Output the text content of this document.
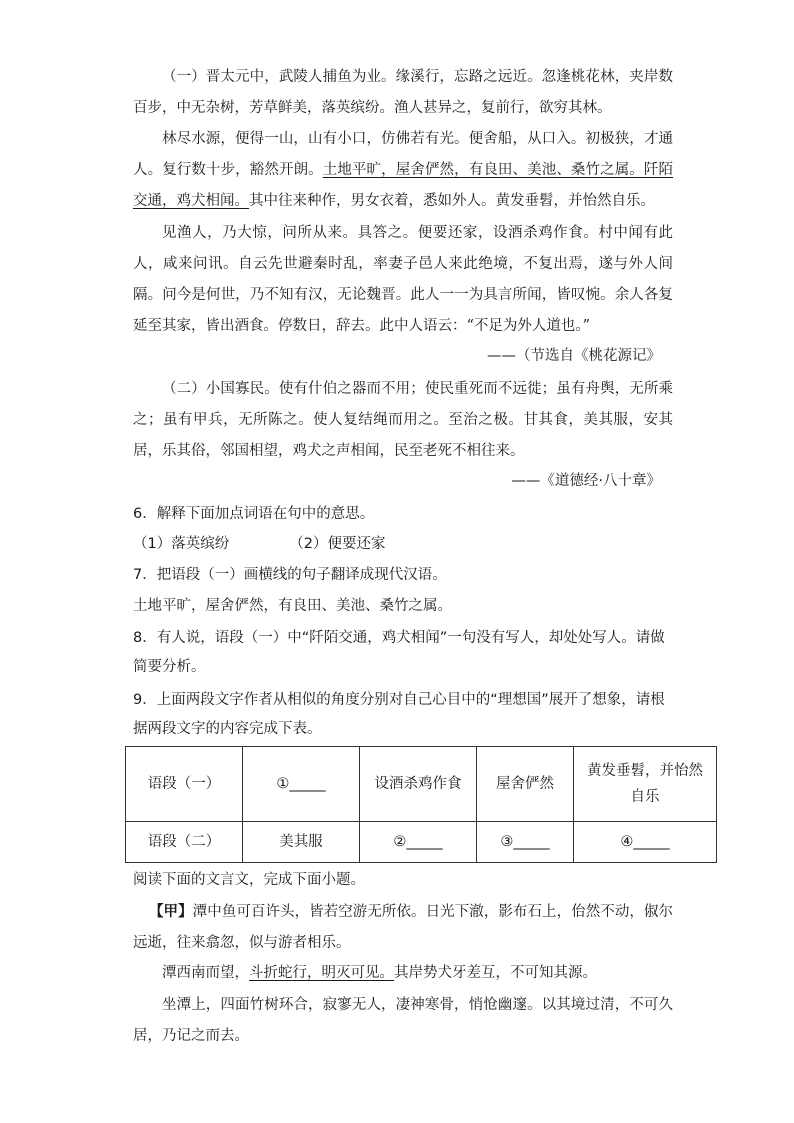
（一）晋太元中，武陵人捕鱼为业。缘溪行，忘路之远近。忽逢桃花林，夹岸数百步，中无杂树，芳草鲜美，落英缤纷。渔人甚异之，复前行，欲穷其林。

林尽水源，便得一山，山有小口，仿佛若有光。便舍船，从口入。初极狭，才通人。复行数十步，豁然开朗。土地平旷，屋舍俨然，有良田、美池、桑竹之属。阡陌交通，鸡犬相闻。其中往来种作，男女衣着，悉如外人。黄发垂髫，并怡然自乐。

见渔人，乃大惊，问所从来。具答之。便要还家，设酒杀鸡作食。村中闻有此人，咸来问讯。自云先世避秦时乱，率妻子邑人来此绝境，不复出焉，遂与外人间隔。问今是何世，乃不知有汉，无论魏晋。此人一一为具言所闻，皆叹惋。余人各复延至其家，皆出酒食。停数日，辞去。此中人语云：“不足为外人道也。”

——（节选自《桃花源记》

（二）小国寡民。使有什伯之器而不用；使民重死而不远徙；虽有舟舆，无所乘之；虽有甲兵，无所陈之。使人复结绳而用之。至治之极。甘其食，美其服，安其居，乐其俗，邻国相望，鸡犬之声相闻，民至老死不相往来。

——《道德经·八十章》

6．解释下面加点词语在句中的意思。

（1）落英缤纷	（2）便要还家

7．把语段（一）画横线的句子翻译成现代汉语。

土地平旷，屋舍俨然，有良田、美池、桑竹之属。

8．有人说，语段（一）中“阡陌交通，鸡犬相闻”一句没有写人，却处处写人。请做简要分析。

9．上面两段文字作者从相似的角度分别对自己心目中的“理想国”展开了想象，请根据两段文字的内容完成下表。

语段（一）	①_____	设酒杀鸡作食	屋舍俨然	黄发垂髫，并怡然自乐
语段（二）	美其服	②_____	③_____	④_____

阅读下面的文言文，完成下面小题。

【甲】潭中鱼可百许头，皆若空游无所依。日光下澈，影布石上，佁然不动，俶尔远逝，往来翕忽，似与游者相乐。

潭西南而望，斗折蛇行，明灭可见。其岸势犬牙差互，不可知其源。

坐潭上，四面竹树环合，寂寥无人，凄神寒骨，悄怆幽邃。以其境过清，不可久居，乃记之而去。
